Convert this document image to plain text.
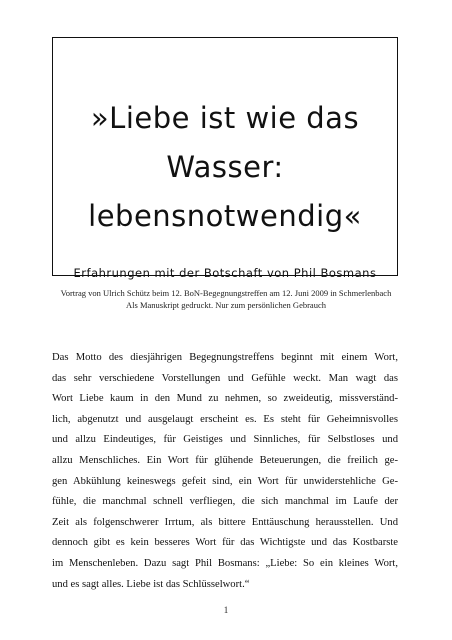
»Liebe ist wie das
Wasser:
lebensnotwendig«
Erfahrungen mit der Botschaft von Phil Bosmans
Vortrag von Ulrich Schütz beim 12. BoN-Begegnungstreffen am 12. Juni 2009 in Schmerlenbach
Als Manuskript gedruckt. Nur zum persönlichen Gebrauch
Das Motto des diesjährigen Begegnungstreffens beginnt mit einem Wort,
das sehr verschiedene Vorstellungen und Gefühle weckt. Man wagt das
Wort Liebe kaum in den Mund zu nehmen, so zweideutig, missverständ-
lich, abgenutzt und ausgelaugt erscheint es. Es steht für Geheimnisvolles
und allzu Eindeutiges, für Geistiges und Sinnliches, für Selbstloses und
allzu Menschliches. Ein Wort für glühende Beteuerungen, die freilich ge-
gen Abkühlung keineswegs gefeit sind, ein Wort für unwiderstehliche Ge-
fühle, die manchmal schnell verfliegen, die sich manchmal im Laufe der
Zeit als folgenschwerer Irrtum, als bittere Enttäuschung herausstellen. Und
dennoch gibt es kein besseres Wort für das Wichtigste und das Kostbarste
im Menschenleben. Dazu sagt Phil Bosmans: „Liebe: So ein kleines Wort,
und es sagt alles. Liebe ist das Schlüsselwort.“
1
